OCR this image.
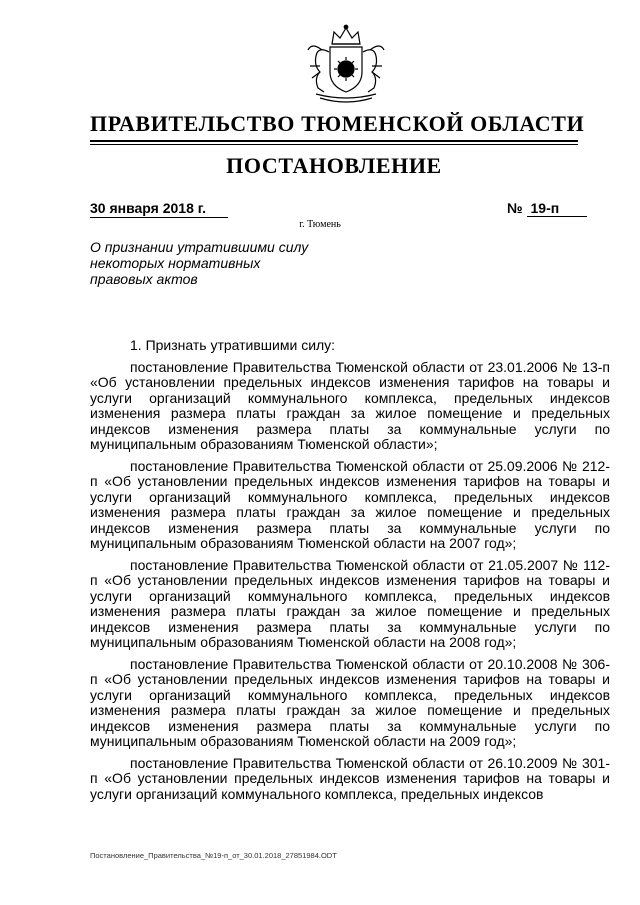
ПРАВИТЕЛЬСТВО ТЮМЕНСКОЙ ОБЛАСТИ
ПОСТАНОВЛЕНИЕ
30 января 2018 г.	№ 19-п
г. Тюмень
О признании утратившими силу
некоторых нормативных
правовых актов

1. Признать утратившими силу:

постановление Правительства Тюменской области от 23.01.2006 № 13-п «Об установлении предельных индексов изменения тарифов на товары и услуги организаций коммунального комплекса, предельных индексов изменения размера платы граждан за жилое помещение и предельных индексов изменения размера платы за коммунальные услуги по муниципальным образованиям Тюменской области»;

постановление Правительства Тюменской области от 25.09.2006 № 212-п «Об установлении предельных индексов изменения тарифов на товары и услуги организаций коммунального комплекса, предельных индексов изменения размера платы граждан за жилое помещение и предельных индексов изменения размера платы за коммунальные услуги по муниципальным образованиям Тюменской области на 2007 год»;

постановление Правительства Тюменской области от 21.05.2007 № 112-п «Об установлении предельных индексов изменения тарифов на товары и услуги организаций коммунального комплекса, предельных индексов изменения размера платы граждан за жилое помещение и предельных индексов изменения размера платы за коммунальные услуги по муниципальным образованиям Тюменской области на 2008 год»;

постановление Правительства Тюменской области от 20.10.2008 № 306-п «Об установлении предельных индексов изменения тарифов на товары и услуги организаций коммунального комплекса, предельных индексов изменения размера платы граждан за жилое помещение и предельных индексов изменения размера платы за коммунальные услуги по муниципальным образованиям Тюменской области на 2009 год»;

постановление Правительства Тюменской области от 26.10.2009 № 301-п «Об установлении предельных индексов изменения тарифов на товары и услуги организаций коммунального комплекса, предельных индексов

Постановление_Правительства_№19-п_от_30.01.2018_27851984.ODT
